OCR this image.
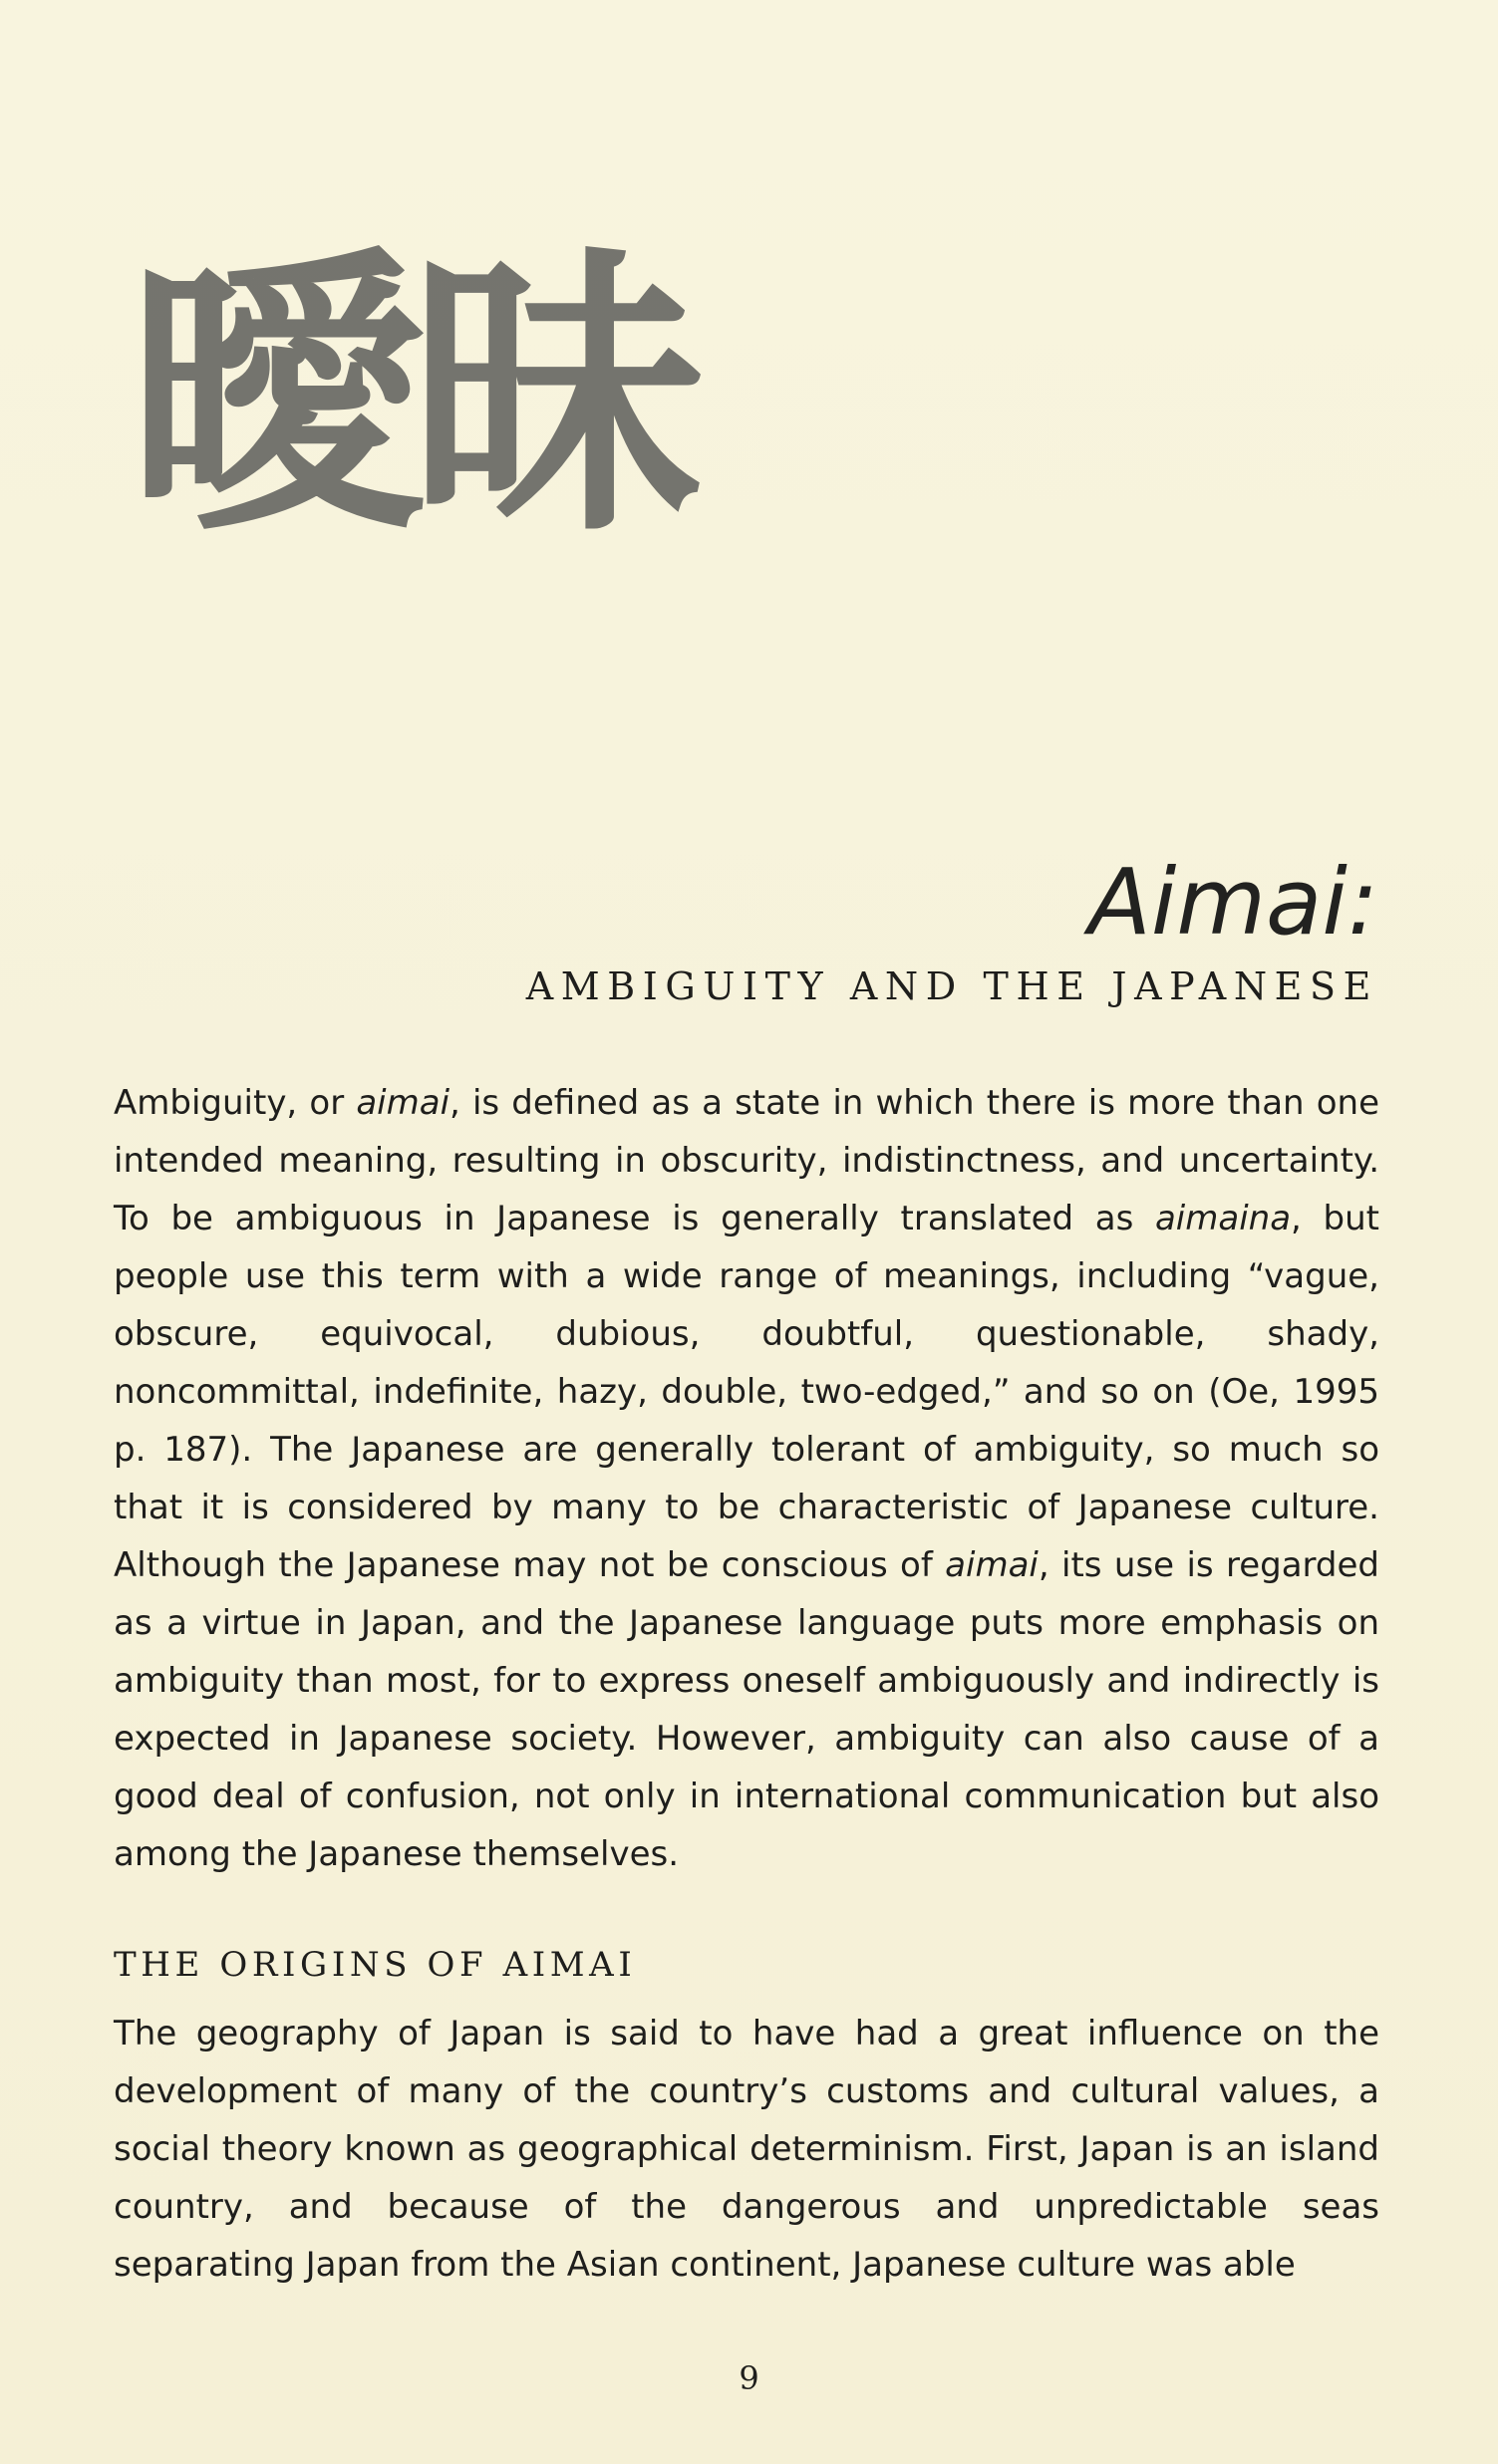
曖昧
Aimai:
AMBIGUITY AND THE JAPANESE

Ambiguity, or aimai, is defined as a state in which there is more than one intended meaning, resulting in obscurity, indistinctness, and uncertainty. To be ambiguous in Japanese is generally translated as aimaina, but people use this term with a wide range of meanings, including “vague, obscure, equivocal, dubious, doubtful, questionable, shady, noncommittal, indefinite, hazy, double, two-edged,” and so on (Oe, 1995 p. 187). The Japanese are generally tolerant of ambiguity, so much so that it is considered by many to be characteristic of Japanese culture. Although the Japanese may not be conscious of aimai, its use is regarded as a virtue in Japan, and the Japanese language puts more emphasis on ambiguity than most, for to express oneself ambiguously and indirectly is expected in Japanese society. However, ambiguity can also cause of a good deal of confusion, not only in international communication but also among the Japanese themselves.

THE ORIGINS OF AIMAI

The geography of Japan is said to have had a great influence on the development of many of the country’s customs and cultural values, a social theory known as geographical determinism. First, Japan is an island country, and because of the dangerous and unpredictable seas separating Japan from the Asian continent, Japanese culture was able

9
